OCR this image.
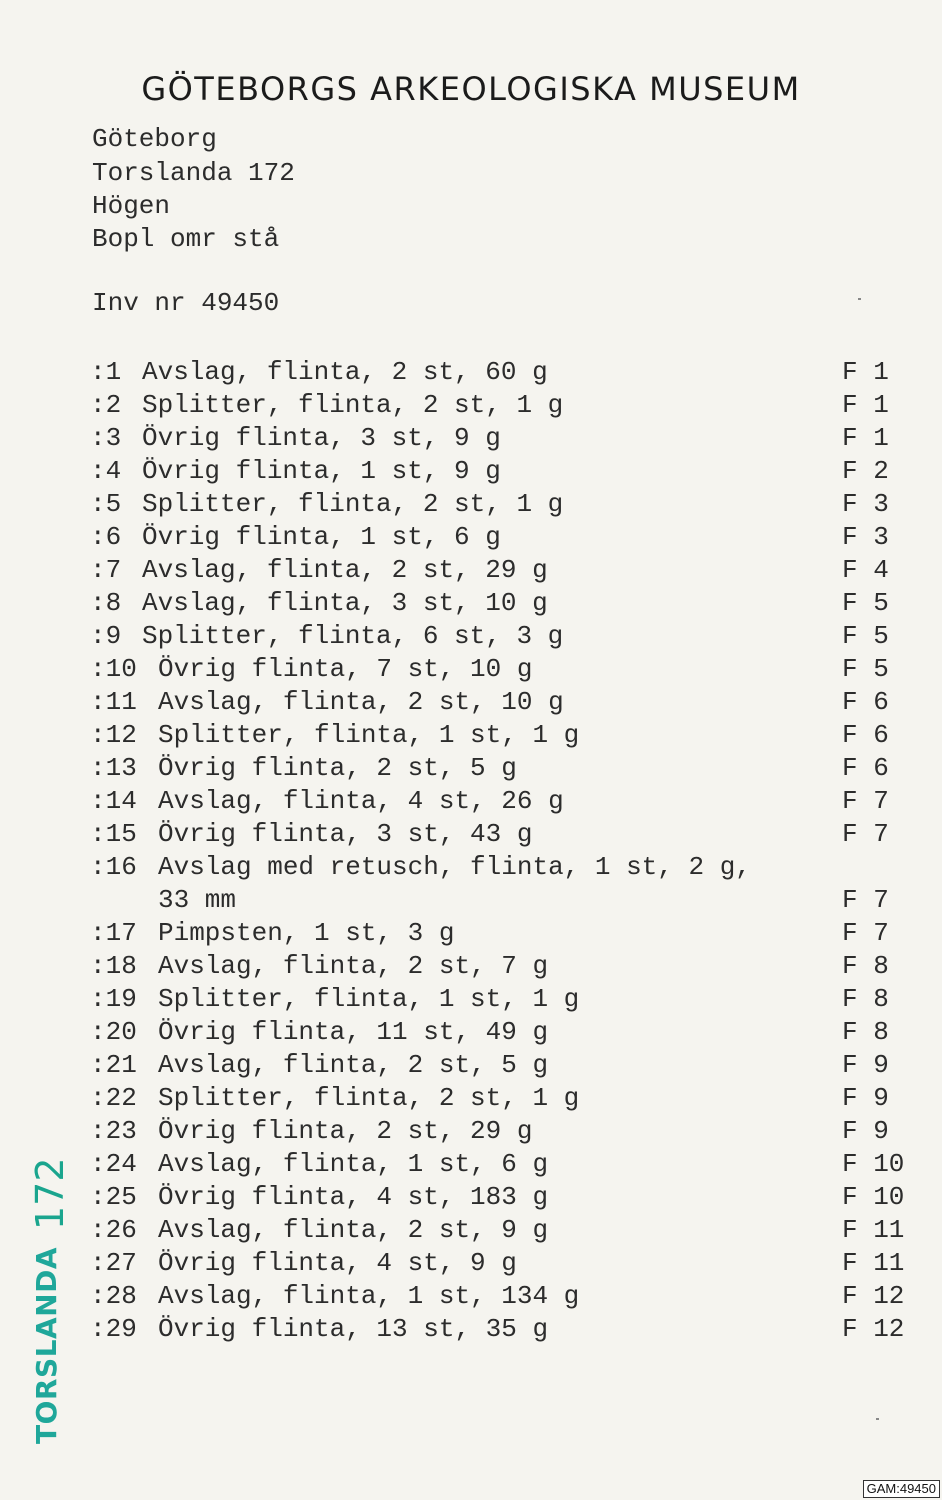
GÖTEBORGS ARKEOLOGISKA MUSEUM
Göteborg
Torslanda 172
Högen
Bopl omr stå
Inv nr 49450
:1 Avslag, flinta, 2 st, 60 g	F 1
:2 Splitter, flinta, 2 st, 1 g	F 1
:3 Övrig flinta, 3 st, 9 g	F 1
:4 Övrig flinta, 1 st, 9 g	F 2
:5 Splitter, flinta, 2 st, 1 g	F 3
:6 Övrig flinta, 1 st, 6 g	F 3
:7 Avslag, flinta, 2 st, 29 g	F 4
:8 Avslag, flinta, 3 st, 10 g	F 5
:9 Splitter, flinta, 6 st, 3 g	F 5
:10 Övrig flinta, 7 st, 10 g	F 5
:11 Avslag, flinta, 2 st, 10 g	F 6
:12 Splitter, flinta, 1 st, 1 g	F 6
:13 Övrig flinta, 2 st, 5 g	F 6
:14 Avslag, flinta, 4 st, 26 g	F 7
:15 Övrig flinta, 3 st, 43 g	F 7
:16 Avslag med retusch, flinta, 1 st, 2 g,
33 mm	F 7
:17 Pimpsten, 1 st, 3 g	F 7
:18 Avslag, flinta, 2 st, 7 g	F 8
:19 Splitter, flinta, 1 st, 1 g	F 8
:20 Övrig flinta, 11 st, 49 g	F 8
:21 Avslag, flinta, 2 st, 5 g	F 9
:22 Splitter, flinta, 2 st, 1 g	F 9
:23 Övrig flinta, 2 st, 29 g	F 9
:24 Avslag, flinta, 1 st, 6 g	F 10
:25 Övrig flinta, 4 st, 183 g	F 10
:26 Avslag, flinta, 2 st, 9 g	F 11
:27 Övrig flinta, 4 st, 9 g	F 11
:28 Avslag, flinta, 1 st, 134 g	F 12
:29 Övrig flinta, 13 st, 35 g	F 12
172
TORSLANDA
GAM:49450
